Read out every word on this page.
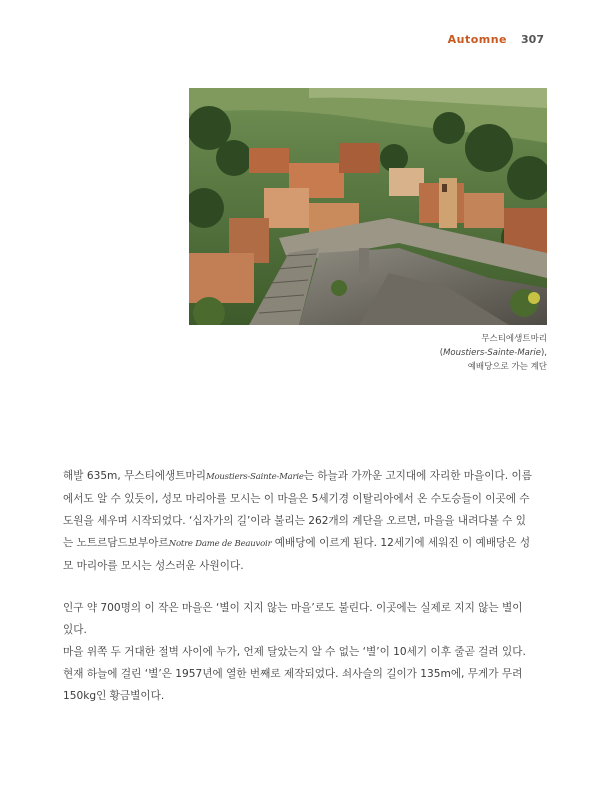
Automne 307
무스티에생트마리
(Moustiers-Sainte-Marie),
예배당으로 가는 계단

해발 635m, 무스티에생트마리Moustiers-Sainte-Marie는 하늘과 가까운 고지대에 자리한 마을이다. 이름에서도 알 수 있듯이, 성모 마리아를 모시는 이 마을은 5세기경 이탈리아에서 온 수도승들이 이곳에 수도원을 세우며 시작되었다. ‘십자가의 길’이라 불리는 262개의 계단을 오르면, 마을을 내려다볼 수 있는 노트르담드보부아르Notre Dame de Beauvoir 예배당에 이르게 된다. 12세기에 세워진 이 예배당은 성모 마리아를 모시는 성스러운 사원이다.

인구 약 700명의 이 작은 마을은 ‘별이 지지 않는 마을’로도 불린다. 이곳에는 실제로 지지 않는 별이 있다.

마을 위쪽 두 거대한 절벽 사이에 누가, 언제 달았는지 알 수 없는 ‘별’이 10세기 이후 줄곧 걸려 있다. 현재 하늘에 걸린 ‘별’은 1957년에 열한 번째로 제작되었다. 쇠사슬의 길이가 135m에, 무게가 무려 150kg인 황금별이다.
